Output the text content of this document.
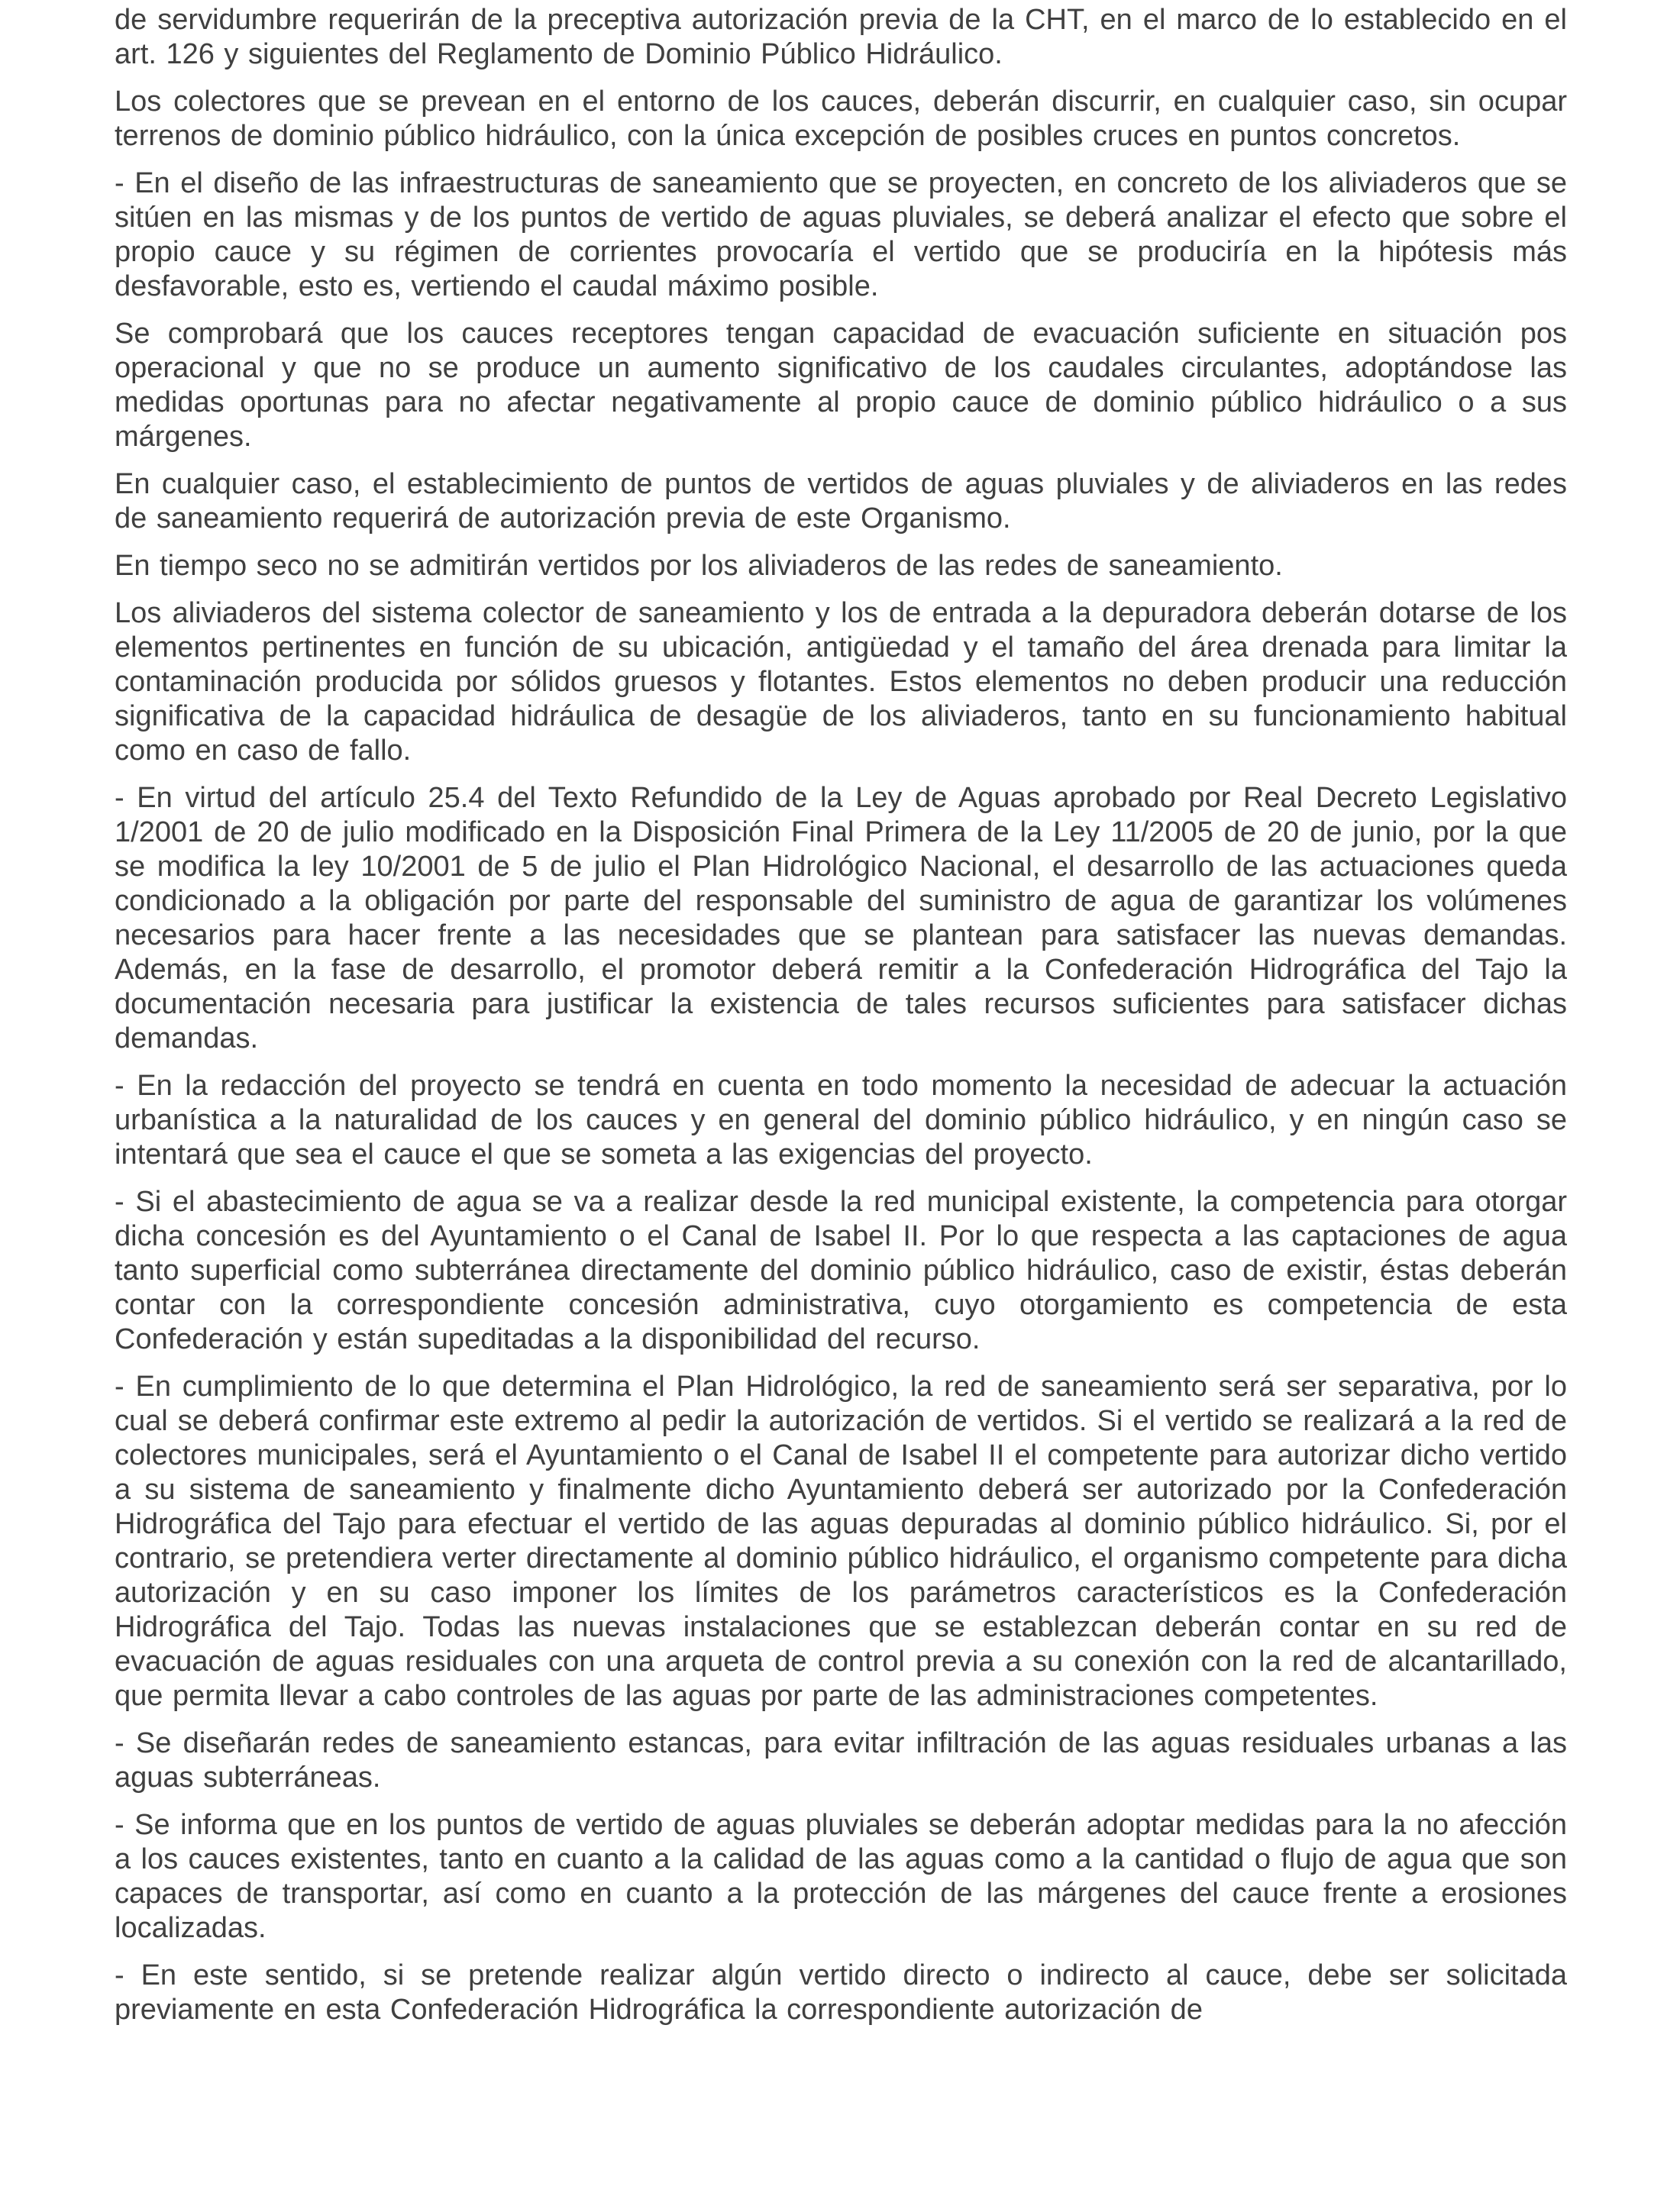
de servidumbre requerirán de la preceptiva autorización previa de la CHT, en el marco de lo establecido en el art. 126 y siguientes del Reglamento de Dominio Público Hidráulico.

Los colectores que se prevean en el entorno de los cauces, deberán discurrir, en cualquier caso, sin ocupar terrenos de dominio público hidráulico, con la única excepción de posibles cruces en puntos concretos.

- En el diseño de las infraestructuras de saneamiento que se proyecten, en concreto de los aliviaderos que se sitúen en las mismas y de los puntos de vertido de aguas pluviales, se deberá analizar el efecto que sobre el propio cauce y su régimen de corrientes provocaría el vertido que se produciría en la hipótesis más desfavorable, esto es, vertiendo el caudal máximo posible.

Se comprobará que los cauces receptores tengan capacidad de evacuación suficiente en situación pos operacional y que no se produce un aumento significativo de los caudales circulantes, adoptándose las medidas oportunas para no afectar negativamente al propio cauce de dominio público hidráulico o a sus márgenes.

En cualquier caso, el establecimiento de puntos de vertidos de aguas pluviales y de aliviaderos en las redes de saneamiento requerirá de autorización previa de este Organismo.

En tiempo seco no se admitirán vertidos por los aliviaderos de las redes de saneamiento.

Los aliviaderos del sistema colector de saneamiento y los de entrada a la depuradora deberán dotarse de los elementos pertinentes en función de su ubicación, antigüedad y el tamaño del área drenada para limitar la contaminación producida por sólidos gruesos y flotantes. Estos elementos no deben producir una reducción significativa de la capacidad hidráulica de desagüe de los aliviaderos, tanto en su funcionamiento habitual como en caso de fallo.

- En virtud del artículo 25.4 del Texto Refundido de la Ley de Aguas aprobado por Real Decreto Legislativo 1/2001 de 20 de julio modificado en la Disposición Final Primera de la Ley 11/2005 de 20 de junio, por la que se modifica la ley 10/2001 de 5 de julio el Plan Hidrológico Nacional, el desarrollo de las actuaciones queda condicionado a la obligación por parte del responsable del suministro de agua de garantizar los volúmenes necesarios para hacer frente a las necesidades que se plantean para satisfacer las nuevas demandas. Además, en la fase de desarrollo, el promotor deberá remitir a la Confederación Hidrográfica del Tajo la documentación necesaria para justificar la existencia de tales recursos suficientes para satisfacer dichas demandas.

- En la redacción del proyecto se tendrá en cuenta en todo momento la necesidad de adecuar la actuación urbanística a la naturalidad de los cauces y en general del dominio público hidráulico, y en ningún caso se intentará que sea el cauce el que se someta a las exigencias del proyecto.

- Si el abastecimiento de agua se va a realizar desde la red municipal existente, la competencia para otorgar dicha concesión es del Ayuntamiento o el Canal de Isabel II. Por lo que respecta a las captaciones de agua tanto superficial como subterránea directamente del dominio público hidráulico, caso de existir, éstas deberán contar con la correspondiente concesión administrativa, cuyo otorgamiento es competencia de esta Confederación y están supeditadas a la disponibilidad del recurso.

- En cumplimiento de lo que determina el Plan Hidrológico, la red de saneamiento será ser separativa, por lo cual se deberá confirmar este extremo al pedir la autorización de vertidos. Si el vertido se realizará a la red de colectores municipales, será el Ayuntamiento o el Canal de Isabel II el competente para autorizar dicho vertido a su sistema de saneamiento y finalmente dicho Ayuntamiento deberá ser autorizado por la Confederación Hidrográfica del Tajo para efectuar el vertido de las aguas depuradas al dominio público hidráulico. Si, por el contrario, se pretendiera verter directamente al dominio público hidráulico, el organismo competente para dicha autorización y en su caso imponer los límites de los parámetros característicos es la Confederación Hidrográfica del Tajo. Todas las nuevas instalaciones que se establezcan deberán contar en su red de evacuación de aguas residuales con una arqueta de control previa a su conexión con la red de alcantarillado, que permita llevar a cabo controles de las aguas por parte de las administraciones competentes.

- Se diseñarán redes de saneamiento estancas, para evitar infiltración de las aguas residuales urbanas a las aguas subterráneas.

- Se informa que en los puntos de vertido de aguas pluviales se deberán adoptar medidas para la no afección a los cauces existentes, tanto en cuanto a la calidad de las aguas como a la cantidad o flujo de agua que son capaces de transportar, así como en cuanto a la protección de las márgenes del cauce frente a erosiones localizadas.

- En este sentido, si se pretende realizar algún vertido directo o indirecto al cauce, debe ser solicitada previamente en esta Confederación Hidrográfica la correspondiente autorización de
